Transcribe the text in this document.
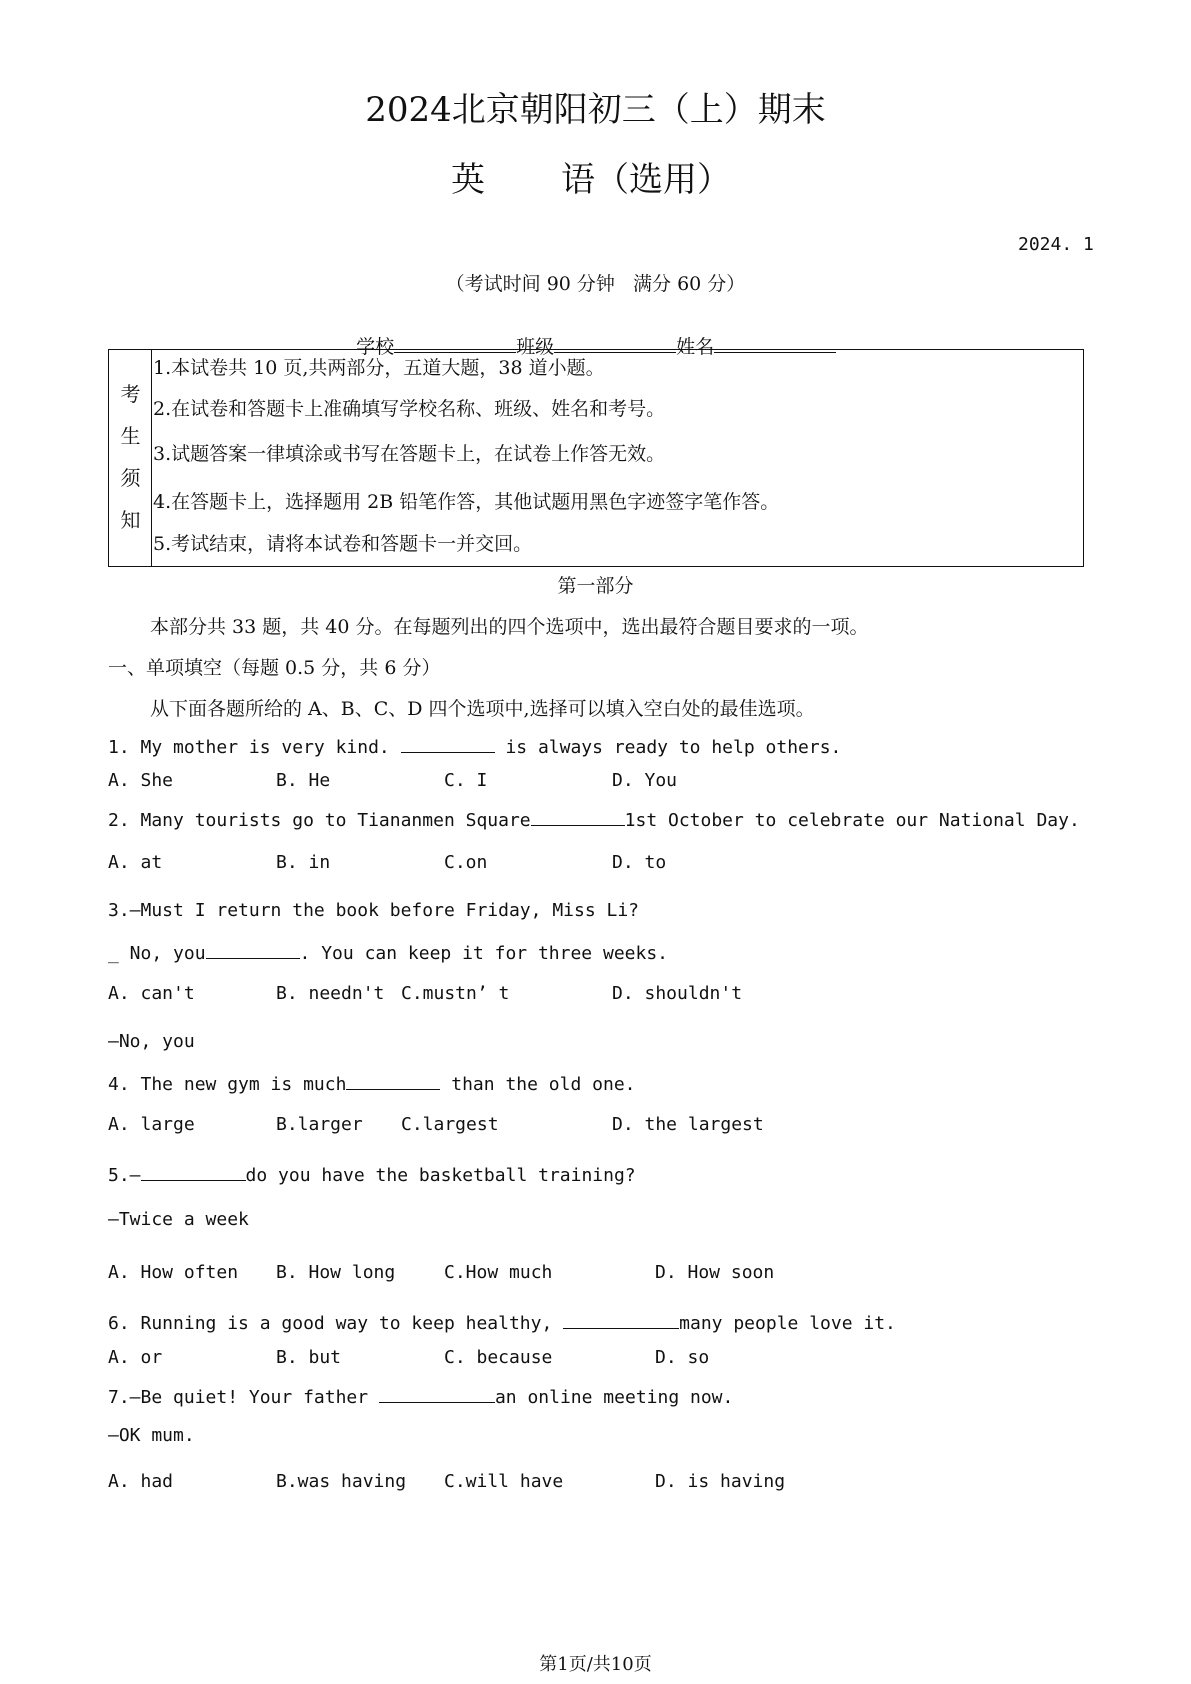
2024北京朝阳初三（上）期末
英 语（选用）
2024. 1
（考试时间 90 分钟   满分 60 分）

学校	班级	姓名

考
生
须
知
1.本试卷共 10 页,共两部分，五道大题，38 道小题。
2.在试卷和答题卡上准确填写学校名称、班级、姓名和考号。
3.试题答案一律填涂或书写在答题卡上，在试卷上作答无效。
4.在答题卡上，选择题用 2B 铅笔作答，其他试题用黑色字迹签字笔作答。
5.考试结束，请将本试卷和答题卡一并交回。
第一部分
本部分共 33 题，共 40 分。在每题列出的四个选项中，选出最符合题目要求的一项。
一、单项填空（每题 0.5 分，共 6 分）
从下面各题所给的 A、B、C、D 四个选项中,选择可以填入空白处的最佳选项。
1. My mother is very kind.	is always ready to help others.
A. She	B. He	C. I	D. You
2. Many tourists go to Tiananmen Square	1st October to celebrate our National Day.
A. at	B. in	C.on	D. to
3.—Must I return the book before Friday, Miss Li?
_ No, you	. You can keep it for three weeks.
A. can't	B. needn't C.mustn’ t	D. shouldn't
—No, you
4. The new gym is much	than the old one.
A. large	B.larger C.largest	D. the largest
5.—	do you have the basketball training?
—Twice a week
A. How often B. How long	C.How much	D. How soon
6. Running is a good way to keep healthy,	many people love it.
A. or	B. but	C. because	D. so
7.—Be quiet! Your father	an online meeting now.
—OK mum.
A. had	B.was having C.will have	D. is having
第1页/共10页
